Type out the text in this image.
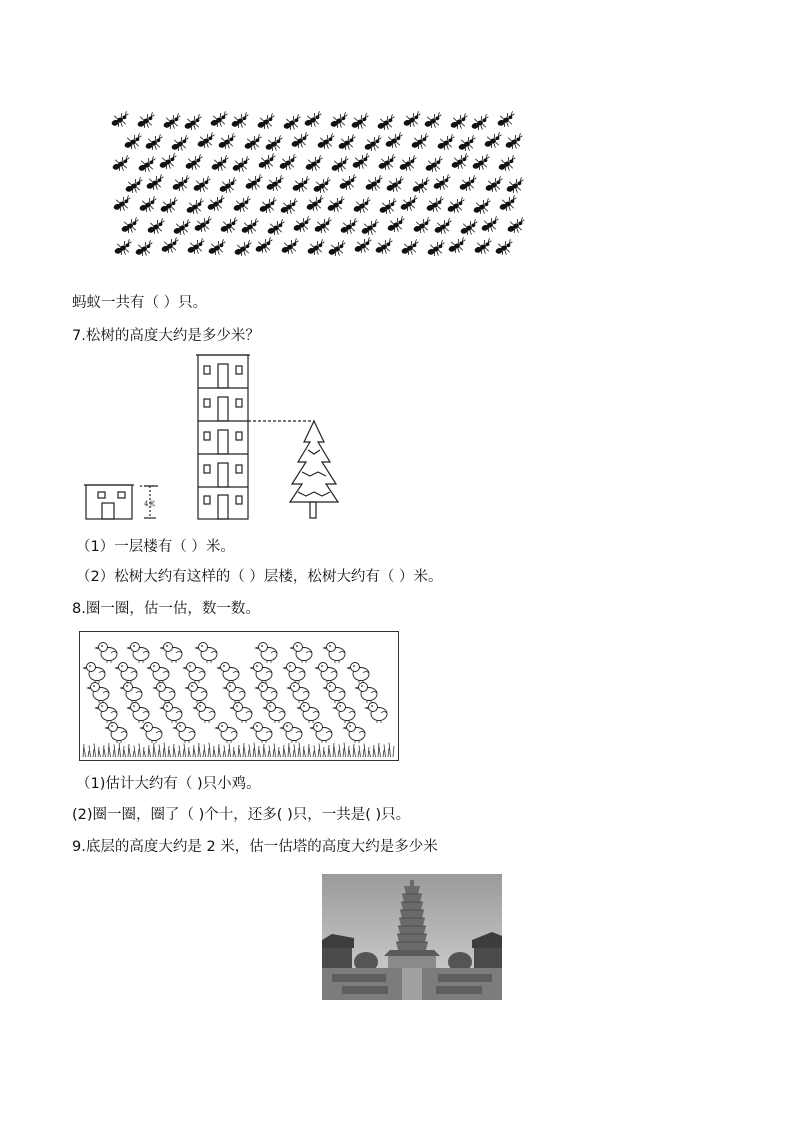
蚂蚁一共有（ ）只。
7.松树的高度大约是多少米？
4米
（1）一层楼有（ ）米。
（2）松树大约有这样的（ ）层楼，松树大约有（ ）米。
8.圈一圈，估一估，数一数。
（1)估计大约有（ )只小鸡。
(2)圈一圈，圈了（ )个十，还多( )只，一共是( )只。
9.底层的高度大约是 2 米，估一估塔的高度大约是多少米
